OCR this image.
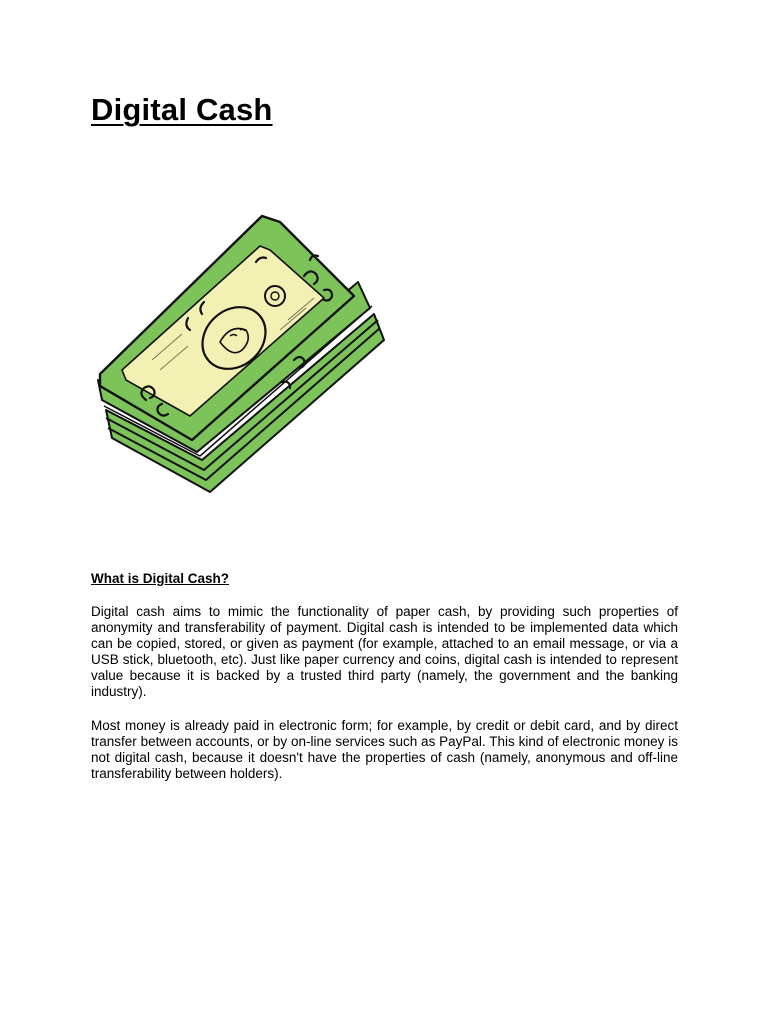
Digital Cash
What is Digital Cash?

Digital cash aims to mimic the functionality of paper cash, by providing such properties of anonymity and transferability of payment. Digital cash is intended to be implemented data which can be copied, stored, or given as payment (for example, attached to an email message, or via a USB stick, bluetooth, etc). Just like paper currency and coins, digital cash is intended to represent value because it is backed by a trusted third party (namely, the government and the banking industry).

Most money is already paid in electronic form; for example, by credit or debit card, and by direct transfer between accounts, or by on-line services such as PayPal. This kind of electronic money is not digital cash, because it doesn't have the properties of cash (namely, anonymous and off-line transferability between holders).
